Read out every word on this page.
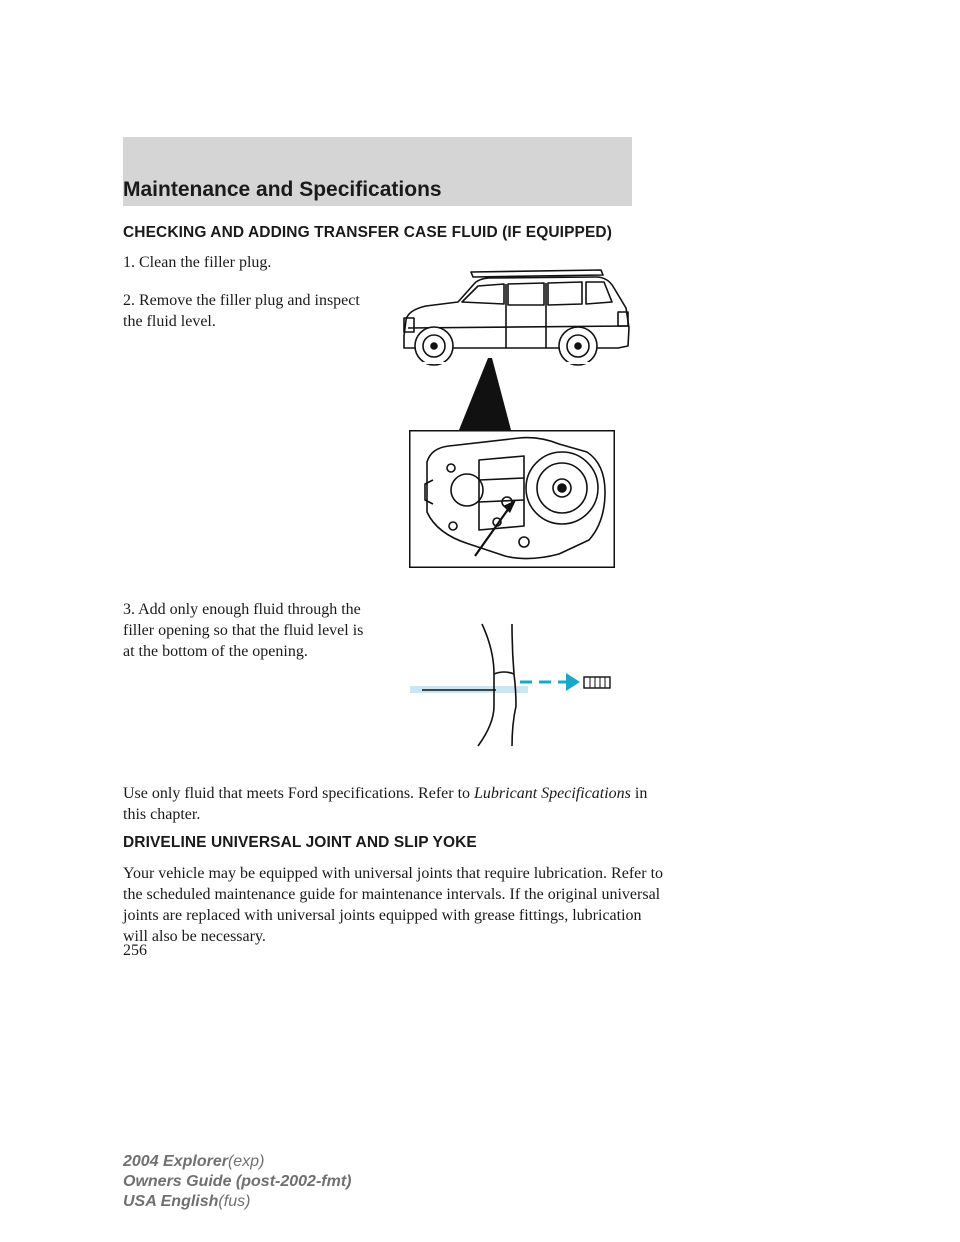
Maintenance and Specifications
CHECKING AND ADDING TRANSFER CASE FLUID (IF EQUIPPED)

1. Clean the filler plug.

2. Remove the filler plug and inspect the fluid level.

3. Add only enough fluid through the filler opening so that the fluid level is at the bottom of the opening.

Use only fluid that meets Ford specifications. Refer to Lubricant Specifications in this chapter.

DRIVELINE UNIVERSAL JOINT AND SLIP YOKE

Your vehicle may be equipped with universal joints that require lubrication. Refer to the scheduled maintenance guide for maintenance intervals. If the original universal joints are replaced with universal joints equipped with grease fittings, lubrication will also be necessary.

256
2004 Explorer(exp)
Owners Guide (post-2002-fmt)
USA English(fus)
